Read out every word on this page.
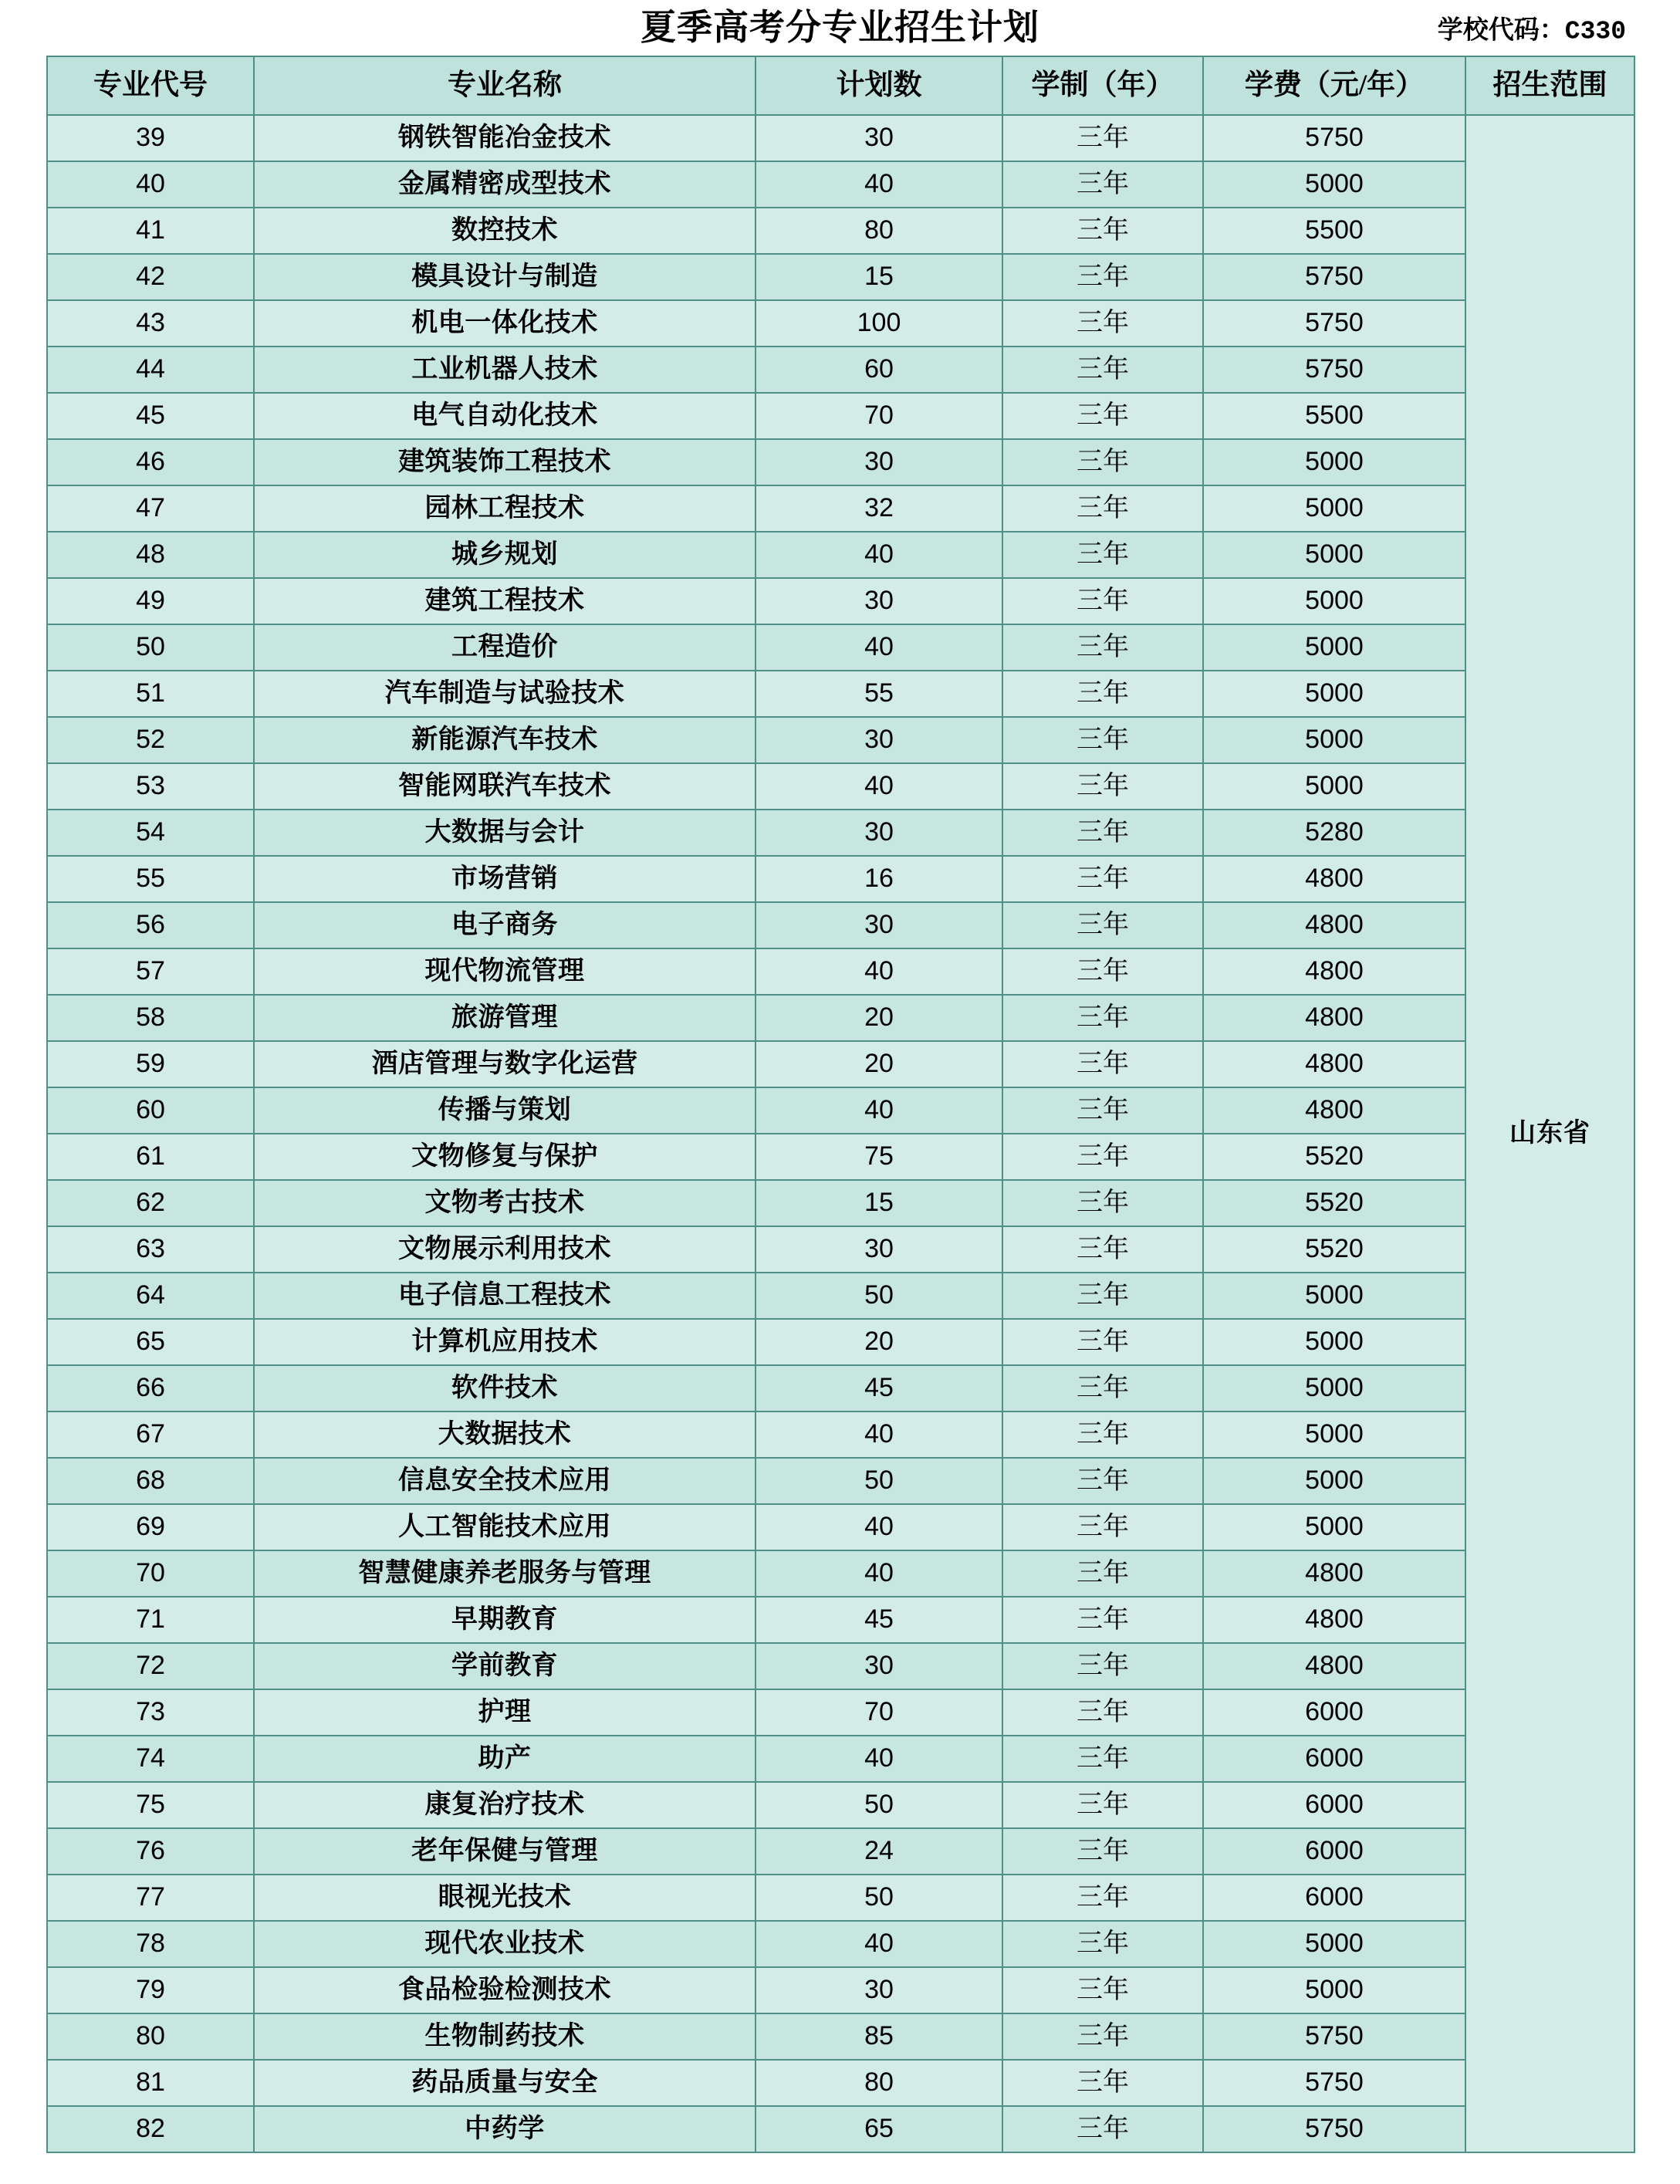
夏季高考分专业招生计划	学校代码：C330
专业代号	专业名称	计划数	学制（年）	学费（元/年）	招生范围
39	钢铁智能冶金技术	30	三年	5750	山东省
40	金属精密成型技术	40	三年	5000	
41	数控技术	80	三年	5500	
42	模具设计与制造	15	三年	5750	
43	机电一体化技术	100	三年	5750	
44	工业机器人技术	60	三年	5750	
45	电气自动化技术	70	三年	5500	
46	建筑装饰工程技术	30	三年	5000	
47	园林工程技术	32	三年	5000	
48	城乡规划	40	三年	5000	
49	建筑工程技术	30	三年	5000	
50	工程造价	40	三年	5000	
51	汽车制造与试验技术	55	三年	5000	
52	新能源汽车技术	30	三年	5000	
53	智能网联汽车技术	40	三年	5000	
54	大数据与会计	30	三年	5280	
55	市场营销	16	三年	4800	
56	电子商务	30	三年	4800	
57	现代物流管理	40	三年	4800	
58	旅游管理	20	三年	4800	
59	酒店管理与数字化运营	20	三年	4800	
60	传播与策划	40	三年	4800	
61	文物修复与保护	75	三年	5520	
62	文物考古技术	15	三年	5520	
63	文物展示利用技术	30	三年	5520	
64	电子信息工程技术	50	三年	5000	
65	计算机应用技术	20	三年	5000	
66	软件技术	45	三年	5000	
67	大数据技术	40	三年	5000	
68	信息安全技术应用	50	三年	5000	
69	人工智能技术应用	40	三年	5000	
70	智慧健康养老服务与管理	40	三年	4800	
71	早期教育	45	三年	4800	
72	学前教育	30	三年	4800	
73	护理	70	三年	6000	
74	助产	40	三年	6000	
75	康复治疗技术	50	三年	6000	
76	老年保健与管理	24	三年	6000	
77	眼视光技术	50	三年	6000	
78	现代农业技术	40	三年	5000	
79	食品检验检测技术	30	三年	5000	
80	生物制药技术	85	三年	5750	
81	药品质量与安全	80	三年	5750	
82	中药学	65	三年	5750	
